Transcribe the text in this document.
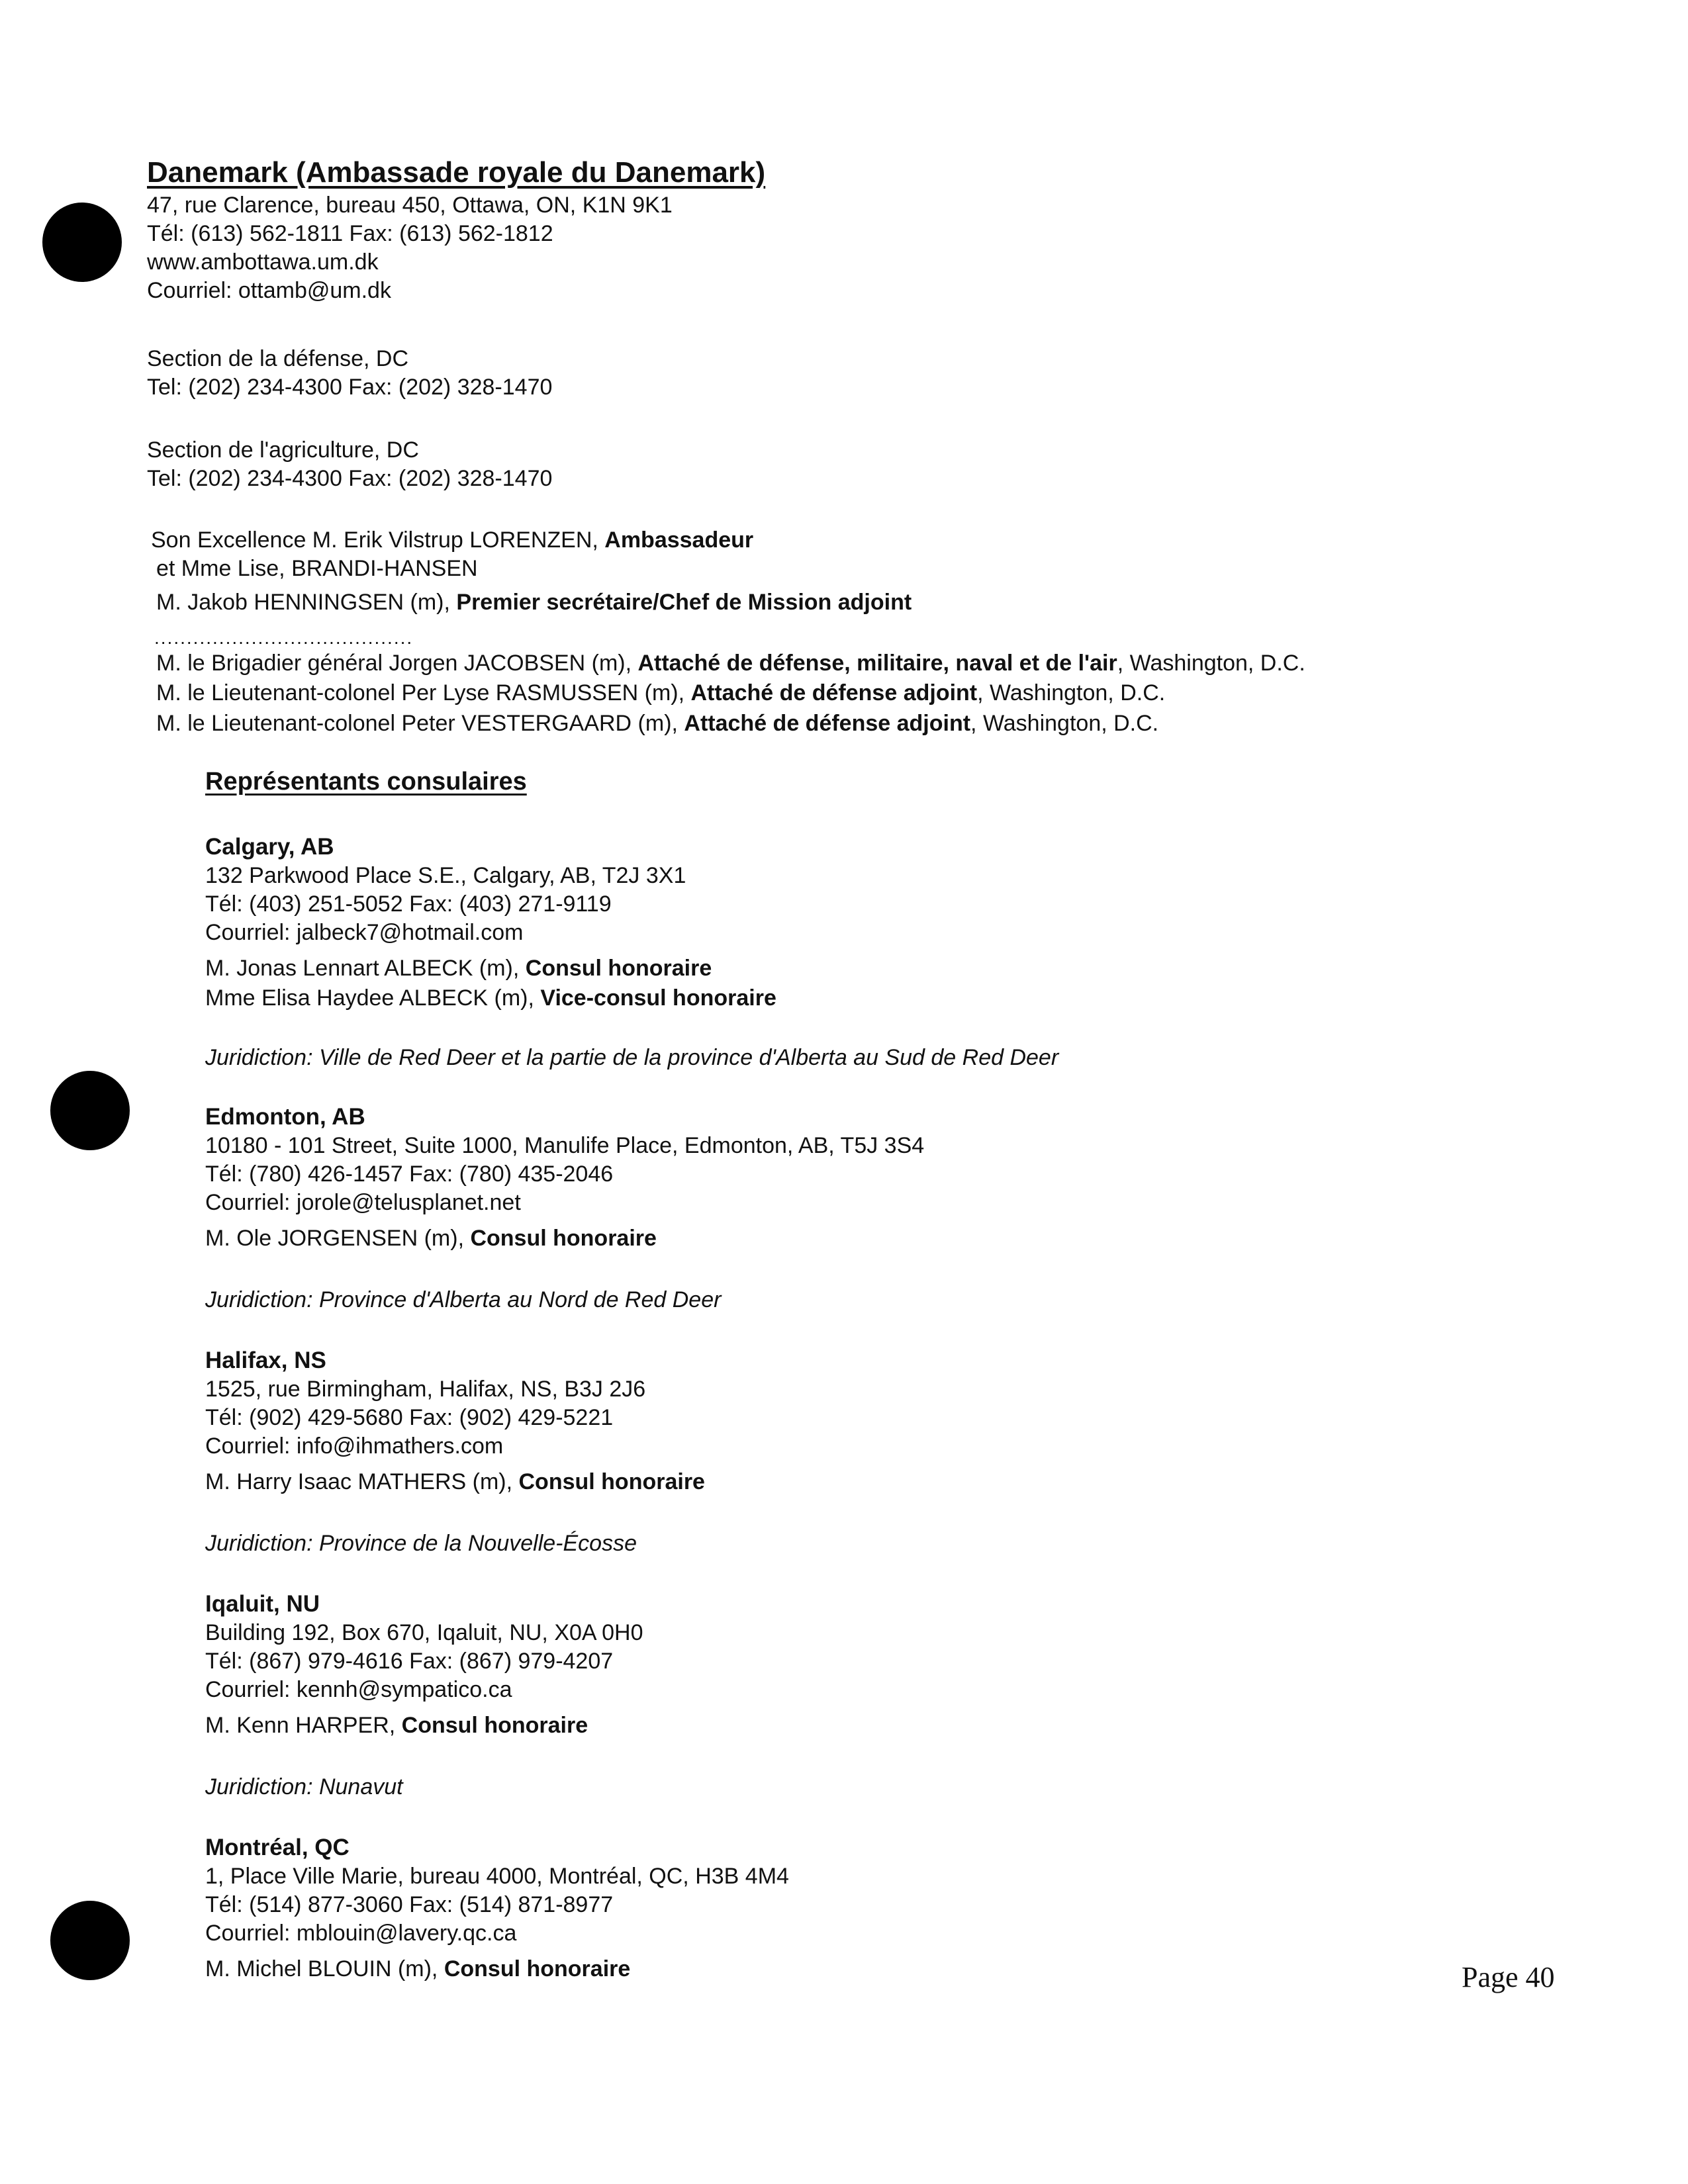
Danemark (Ambassade royale du Danemark)
47, rue Clarence, bureau 450, Ottawa, ON, K1N 9K1
Tél: (613) 562-1811 Fax: (613) 562-1812
www.ambottawa.um.dk
Courriel: ottamb@um.dk
Section de la défense, DC
Tel: (202) 234-4300 Fax: (202) 328-1470
Section de l'agriculture, DC
Tel: (202) 234-4300 Fax: (202) 328-1470
Son Excellence M. Erik Vilstrup LORENZEN, Ambassadeur
et Mme Lise, BRANDI-HANSEN
M. Jakob HENNINGSEN (m), Premier secrétaire/Chef de Mission adjoint
........................................
M. le Brigadier général Jorgen JACOBSEN (m), Attaché de défense, militaire, naval et de l'air, Washington, D.C.
M. le Lieutenant-colonel Per Lyse RASMUSSEN (m), Attaché de défense adjoint, Washington, D.C.
M. le Lieutenant-colonel Peter VESTERGAARD (m), Attaché de défense adjoint, Washington, D.C.
Représentants consulaires
Calgary, AB
132 Parkwood Place S.E., Calgary, AB, T2J 3X1
Tél: (403) 251-5052 Fax: (403) 271-9119
Courriel: jalbeck7@hotmail.com
M. Jonas Lennart ALBECK (m), Consul honoraire
Mme Elisa Haydee ALBECK (m), Vice-consul honoraire
Juridiction: Ville de Red Deer et la partie de la province d'Alberta au Sud de Red Deer
Edmonton, AB
10180 - 101 Street, Suite 1000, Manulife Place, Edmonton, AB, T5J 3S4
Tél: (780) 426-1457 Fax: (780) 435-2046
Courriel: jorole@telusplanet.net
M. Ole JORGENSEN (m), Consul honoraire
Juridiction: Province d'Alberta au Nord de Red Deer
Halifax, NS
1525, rue Birmingham, Halifax, NS, B3J 2J6
Tél: (902) 429-5680 Fax: (902) 429-5221
Courriel: info@ihmathers.com
M. Harry Isaac MATHERS (m), Consul honoraire
Juridiction: Province de la Nouvelle-Écosse
Iqaluit, NU
Building 192, Box 670, Iqaluit, NU, X0A 0H0
Tél: (867) 979-4616 Fax: (867) 979-4207
Courriel: kennh@sympatico.ca
M. Kenn HARPER, Consul honoraire
Juridiction: Nunavut
Montréal, QC
1, Place Ville Marie, bureau 4000, Montréal, QC, H3B 4M4
Tél: (514) 877-3060 Fax: (514) 871-8977
Courriel: mblouin@lavery.qc.ca
M. Michel BLOUIN (m), Consul honoraire	Page 40
